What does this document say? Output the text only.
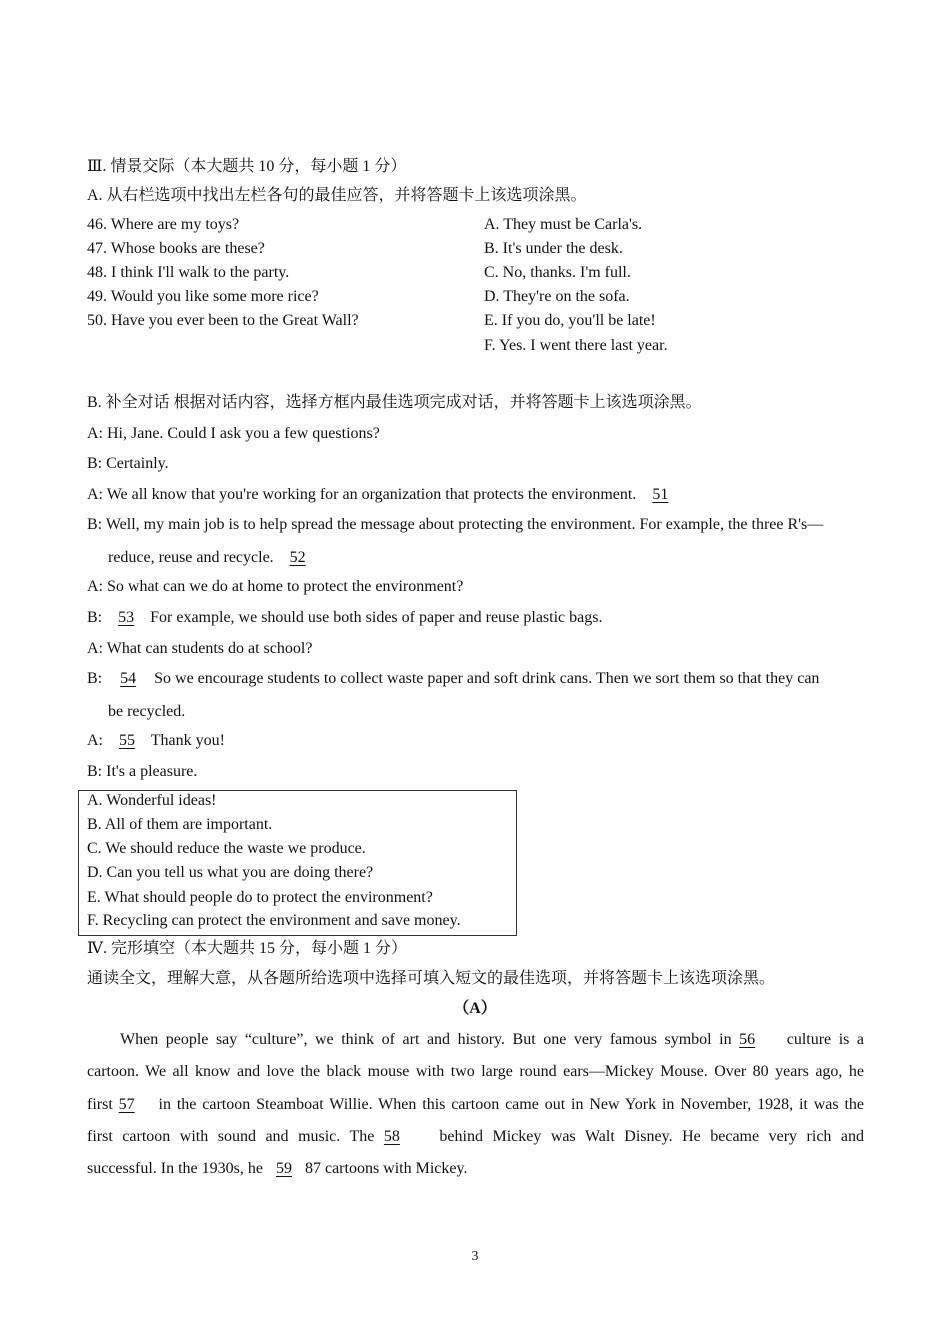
Ⅲ. 情景交际（本大题共 10 分，每小题 1 分）
A. 从右栏选项中找出左栏各句的最佳应答，并将答题卡上该选项涂黑。
46. Where are my toys?
47. Whose books are these?
48. I think I'll walk to the party.
49. Would you like some more rice?
50. Have you ever been to the Great Wall?
A. They must be Carla's.
B. It's under the desk.
C. No, thanks. I'm full.
D. They're on the sofa.
E. If you do, you'll be late!
F. Yes. I went there last year.
B. 补全对话 根据对话内容，选择方框内最佳选项完成对话，并将答题卡上该选项涂黑。
A: Hi, Jane. Could I ask you a few questions?
B: Certainly.
A: We all know that you're working for an organization that protects the environment. 51
B: Well, my main job is to help spread the message about protecting the environment. For example, the three R's—
reduce, reuse and recycle. 52
A: So what can we do at home to protect the environment?
B: 53 For example, we should use both sides of paper and reuse plastic bags.
A: What can students do at school?
B: 54 So we encourage students to collect waste paper and soft drink cans. Then we sort them so that they can
be recycled.
A: 55 Thank you!
B: It's a pleasure.
A. Wonderful ideas!
B. All of them are important.
C. We should reduce the waste we produce.
D. Can you tell us what you are doing there?
E. What should people do to protect the environment?
F. Recycling can protect the environment and save money.
Ⅳ. 完形填空（本大题共 15 分，每小题 1 分）
通读全文，理解大意，从各题所给选项中选择可填入短文的最佳选项，并将答题卡上该选项涂黑。
（A）
When people say “culture”, we think of art and history. But one very famous symbol in 56 culture is a
cartoon. We all know and love the black mouse with two large round ears—Mickey Mouse. Over 80 years ago, he
first 57 in the cartoon Steamboat Willie. When this cartoon came out in New York in November, 1928, it was the
first cartoon with sound and music. The 58 behind Mickey was Walt Disney. He became very rich and
successful. In the 1930s, he 59 87 cartoons with Mickey.
3
